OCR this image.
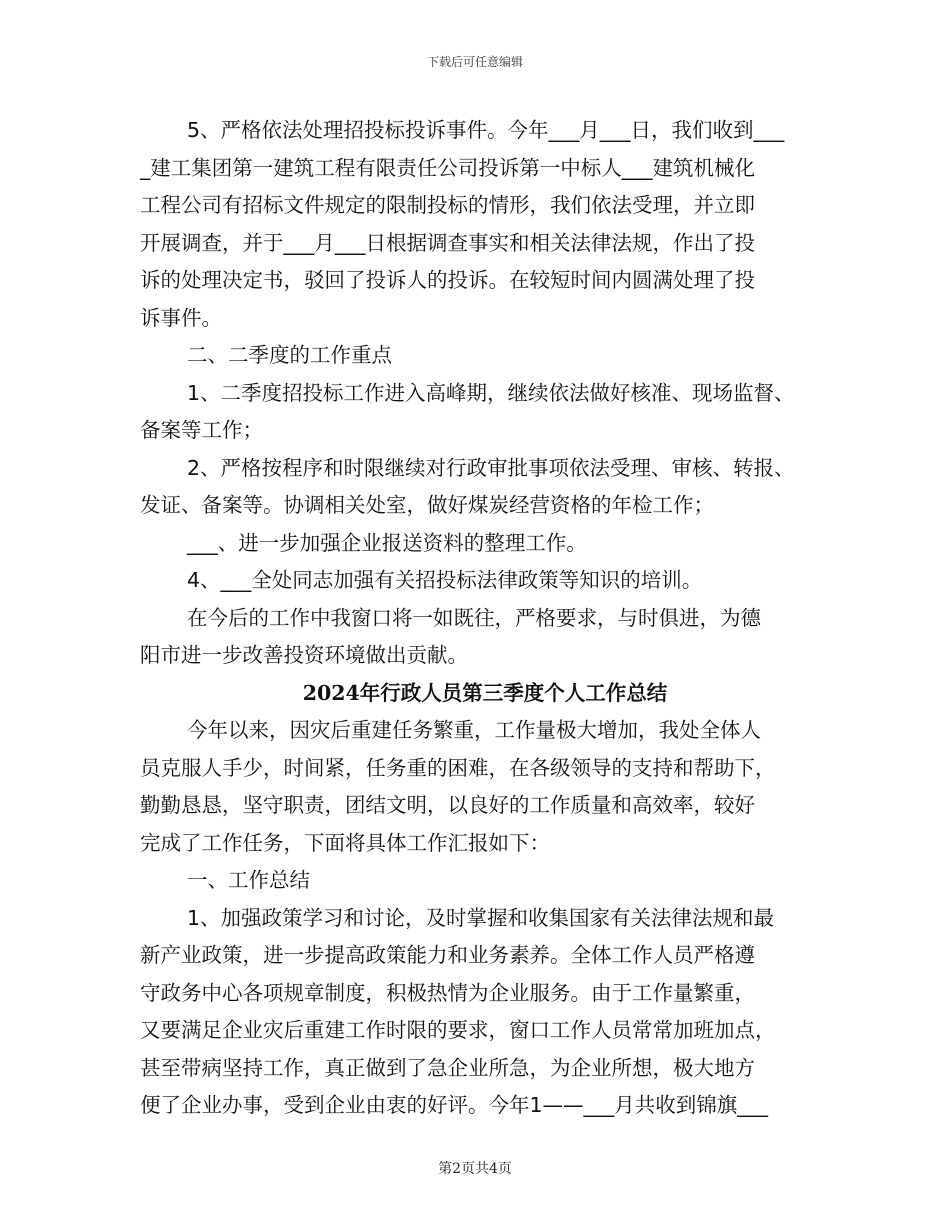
下载后可任意编辑
5、严格依法处理招投标投诉事件。今年___月___日，我们收到___
_建工集团第一建筑工程有限责任公司投诉第一中标人___建筑机械化
工程公司有招标文件规定的限制投标的情形，我们依法受理，并立即
开展调查，并于___月___日根据调查事实和相关法律法规，作出了投
诉的处理决定书，驳回了投诉人的投诉。在较短时间内圆满处理了投
诉事件。
二、二季度的工作重点
1、二季度招投标工作进入高峰期，继续依法做好核准、现场监督、
备案等工作；
2、严格按程序和时限继续对行政审批事项依法受理、审核、转报、
发证、备案等。协调相关处室，做好煤炭经营资格的年检工作；
___、进一步加强企业报送资料的整理工作。
4、___全处同志加强有关招投标法律政策等知识的培训。
在今后的工作中我窗口将一如既往，严格要求，与时俱进，为德
阳市进一步改善投资环境做出贡献。
2024年行政人员第三季度个人工作总结
今年以来，因灾后重建任务繁重，工作量极大增加，我处全体人
员克服人手少，时间紧，任务重的困难，在各级领导的支持和帮助下，
勤勤恳恳，坚守职责，团结文明，以良好的工作质量和高效率，较好
完成了工作任务，下面将具体工作汇报如下：
一、工作总结
1、加强政策学习和讨论，及时掌握和收集国家有关法律法规和最
新产业政策，进一步提高政策能力和业务素养。全体工作人员严格遵
守政务中心各项规章制度，积极热情为企业服务。由于工作量繁重，
又要满足企业灾后重建工作时限的要求，窗口工作人员常常加班加点，
甚至带病坚持工作，真正做到了急企业所急，为企业所想，极大地方
便了企业办事，受到企业由衷的好评。今年1——___月共收到锦旗___
第2页共4页
